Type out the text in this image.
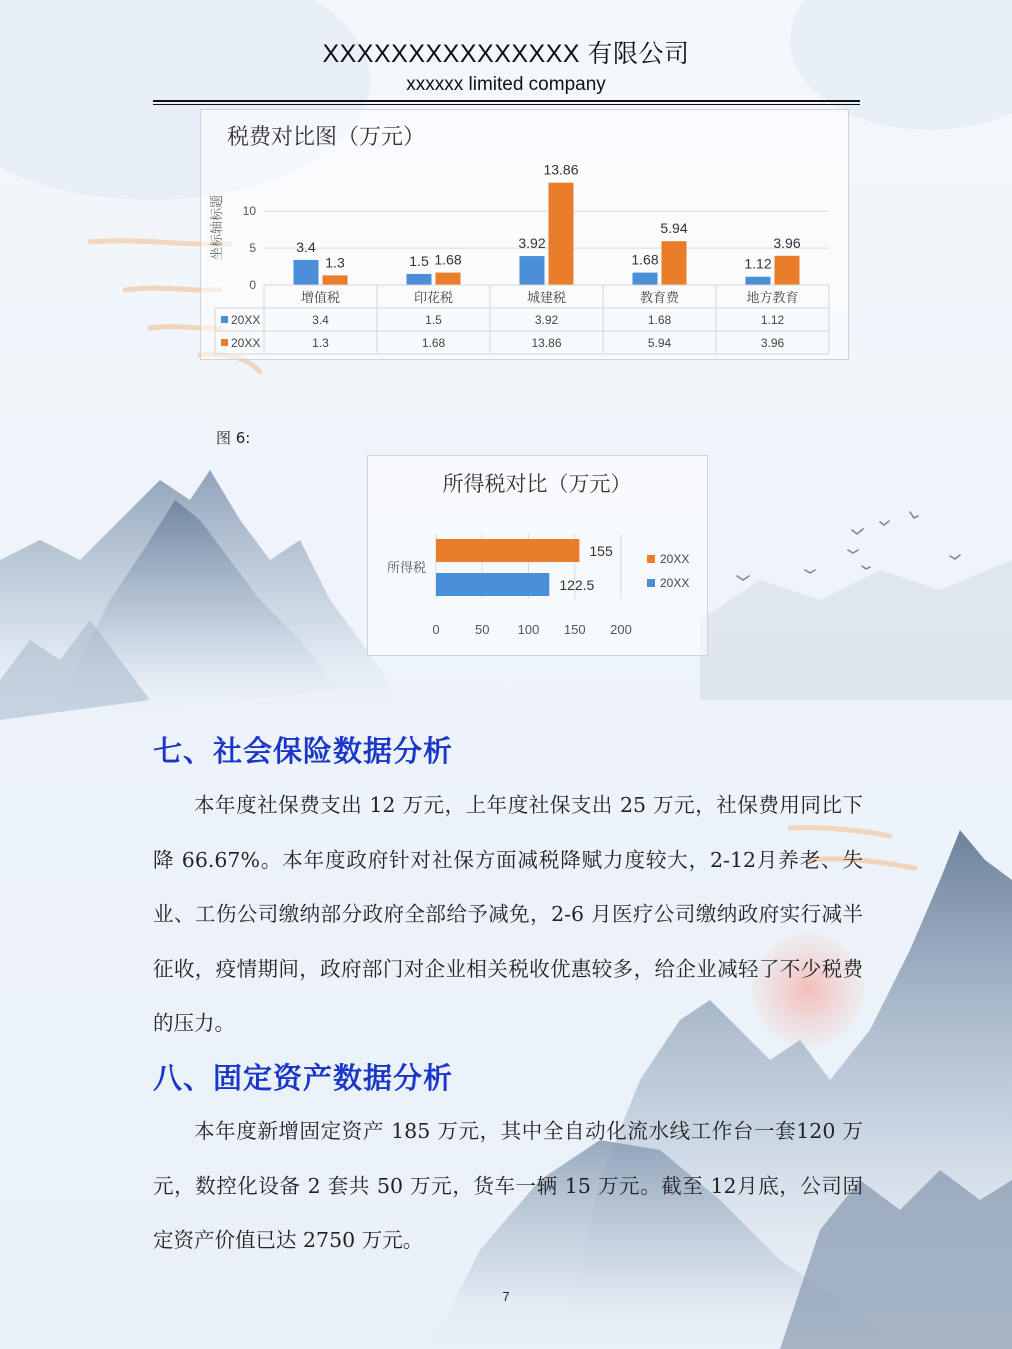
XXXXXXXXXXXXXXX 有限公司
xxxxxx limited company
税费对比图（万元）
坐标轴标题
0
5
10
3.4
1.5
3.92
1.68	1.12
1.3	1.68
13.86
5.94
3.96
增值税	印花税	城建税	教育费	地方教育
20XX	3.4	1.5	3.92	1.68	1.12
20XX	1.3	1.68	13.86	5.94	3.96
图 6:
所得税对比（万元）
0	50 100 150 200
155
122.5
所得税
20XX
20XX
七、社会保险数据分析
本年度社保费支出 12 万元，上年度社保支出 25 万元，社保费用同比下降 66.67%。本年度政府针对社保方面减税降赋力度较大，2-12月养老、失业、工伤公司缴纳部分政府全部给予减免，2-6 月医疗公司缴纳政府实行减半征收，疫情期间，政府部门对企业相关税收优惠较多，给企业减轻了不少税费的压力。
八、固定资产数据分析
本年度新增固定资产 185 万元，其中全自动化流水线工作台一套120 万元，数控化设备 2 套共 50 万元，货车一辆 15 万元。截至 12月底，公司固定资产价值已达 2750 万元。
7
